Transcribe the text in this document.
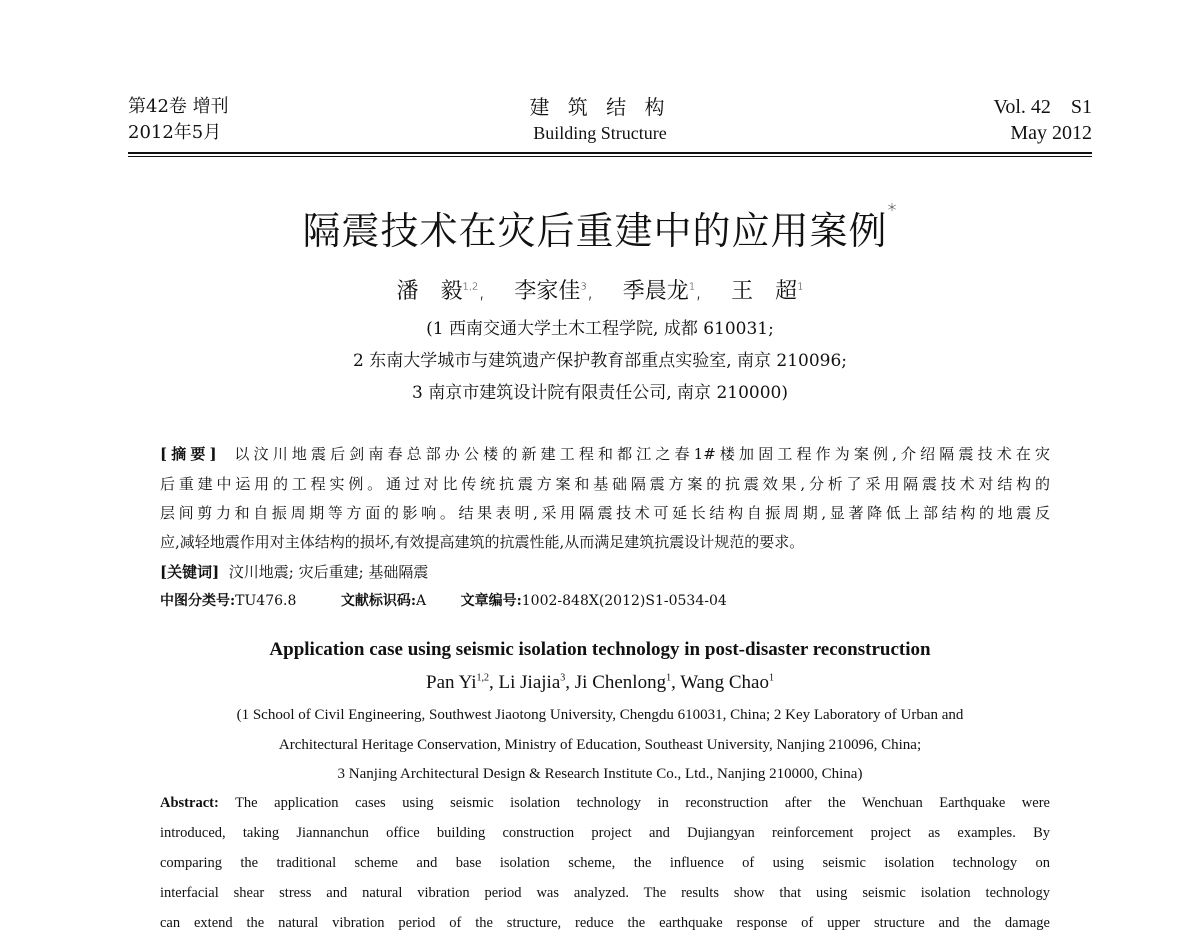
第42卷 增刊
2012年5月
建 筑 结 构
Building Structure
Vol. 42　S1
May 2012
隔震技术在灾后重建中的应用案例*
潘　毅$^{1,2}$,　 李家佳$^3$,　 季晨龙$^1$,　 王　超$^1$
(1 西南交通大学土木工程学院, 成都 610031;
2 东南大学城市与建筑遗产保护教育部重点实验室, 南京 210096;
3 南京市建筑设计院有限责任公司, 南京 210000)
[摘要] 以汶川地震后剑南春总部办公楼的新建工程和都江之春1#楼加固工程作为案例,介绍隔震技术在灾
后重建中运用的工程实例。通过对比传统抗震方案和基础隔震方案的抗震效果,分析了采用隔震技术对结构的
层间剪力和自振周期等方面的影响。结果表明,采用隔震技术可延长结构自振周期,显著降低上部结构的地震反
应,减轻地震作用对主体结构的损坏,有效提高建筑的抗震性能,从而满足建筑抗震设计规范的要求。
[关键词] 汶川地震; 灾后重建; 基础隔震
中图分类号:TU476.8	文献标识码:A 文章编号:1002-848X(2012)S1-0534-04
Application case using seismic isolation technology in post-disaster reconstruction
Pan Yi$^{1,2}$, Li Jiajia$^3$, Ji Chenlong$^1$, Wang Chao$^1$
(1 School of Civil Engineering, Southwest Jiaotong University, Chengdu 610031, China; 2 Key Laboratory of Urban and
Architectural Heritage Conservation, Ministry of Education, Southeast University, Nanjing 210096, China;
3 Nanjing Architectural Design & Research Institute Co., Ltd., Nanjing 210000, China)
Abstract: The application cases using seismic isolation technology in reconstruction after the Wenchuan Earthquake were
introduced, taking Jiannanchun office building construction project and Dujiangyan reinforcement project as examples. By
comparing the traditional scheme and base isolation scheme, the influence of using seismic isolation technology on
interfacial shear stress and natural vibration period was analyzed. The results show that using seismic isolation technology
can extend the natural vibration period of the structure, reduce the earthquake response of upper structure and the damage
